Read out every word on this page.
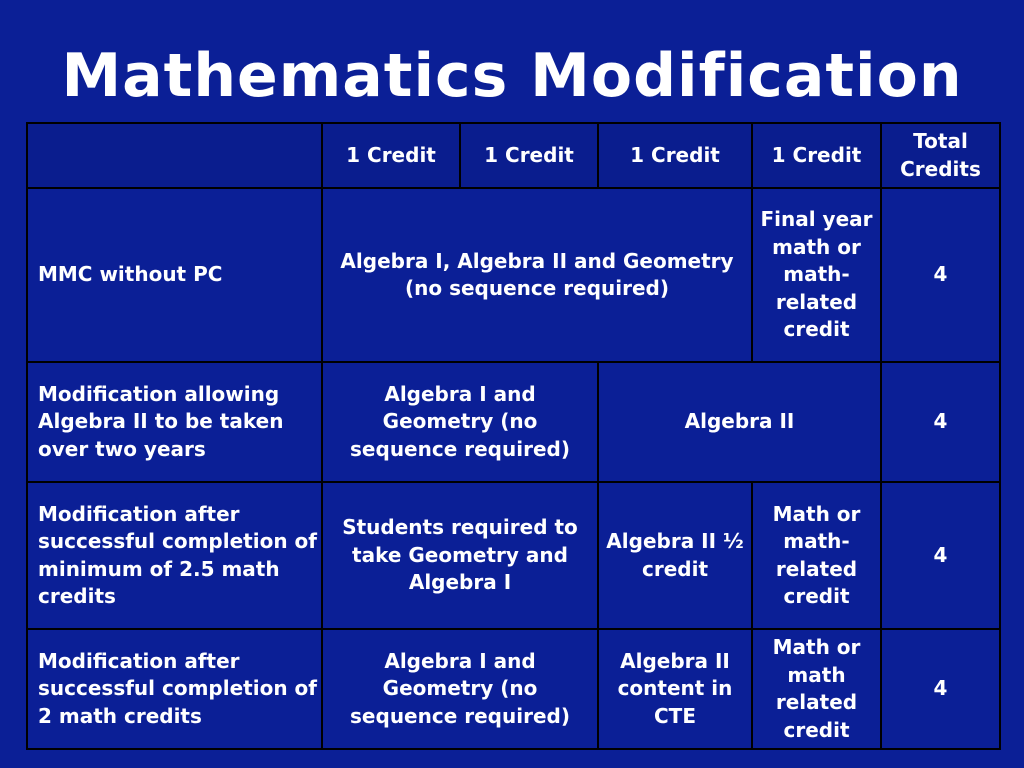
Mathematics Modification
	1 Credit	1 Credit	1 Credit	1 Credit	Total Credits
MMC without PC	Algebra I, Algebra II and Geometry (no sequence required)			Final year math or math-related credit	4
Modification allowing Algebra II to be taken over two years	Algebra I and Geometry (no sequence required)		Algebra II		4
Modification after successful completion of minimum of 2.5 math credits	Students required to take Geometry and Algebra I		Algebra II ½ credit	Math or math-related credit	4
Modification after successful completion of 2 math credits	Algebra I and Geometry (no sequence required)		Algebra II content in CTE	Math or math related credit	4
